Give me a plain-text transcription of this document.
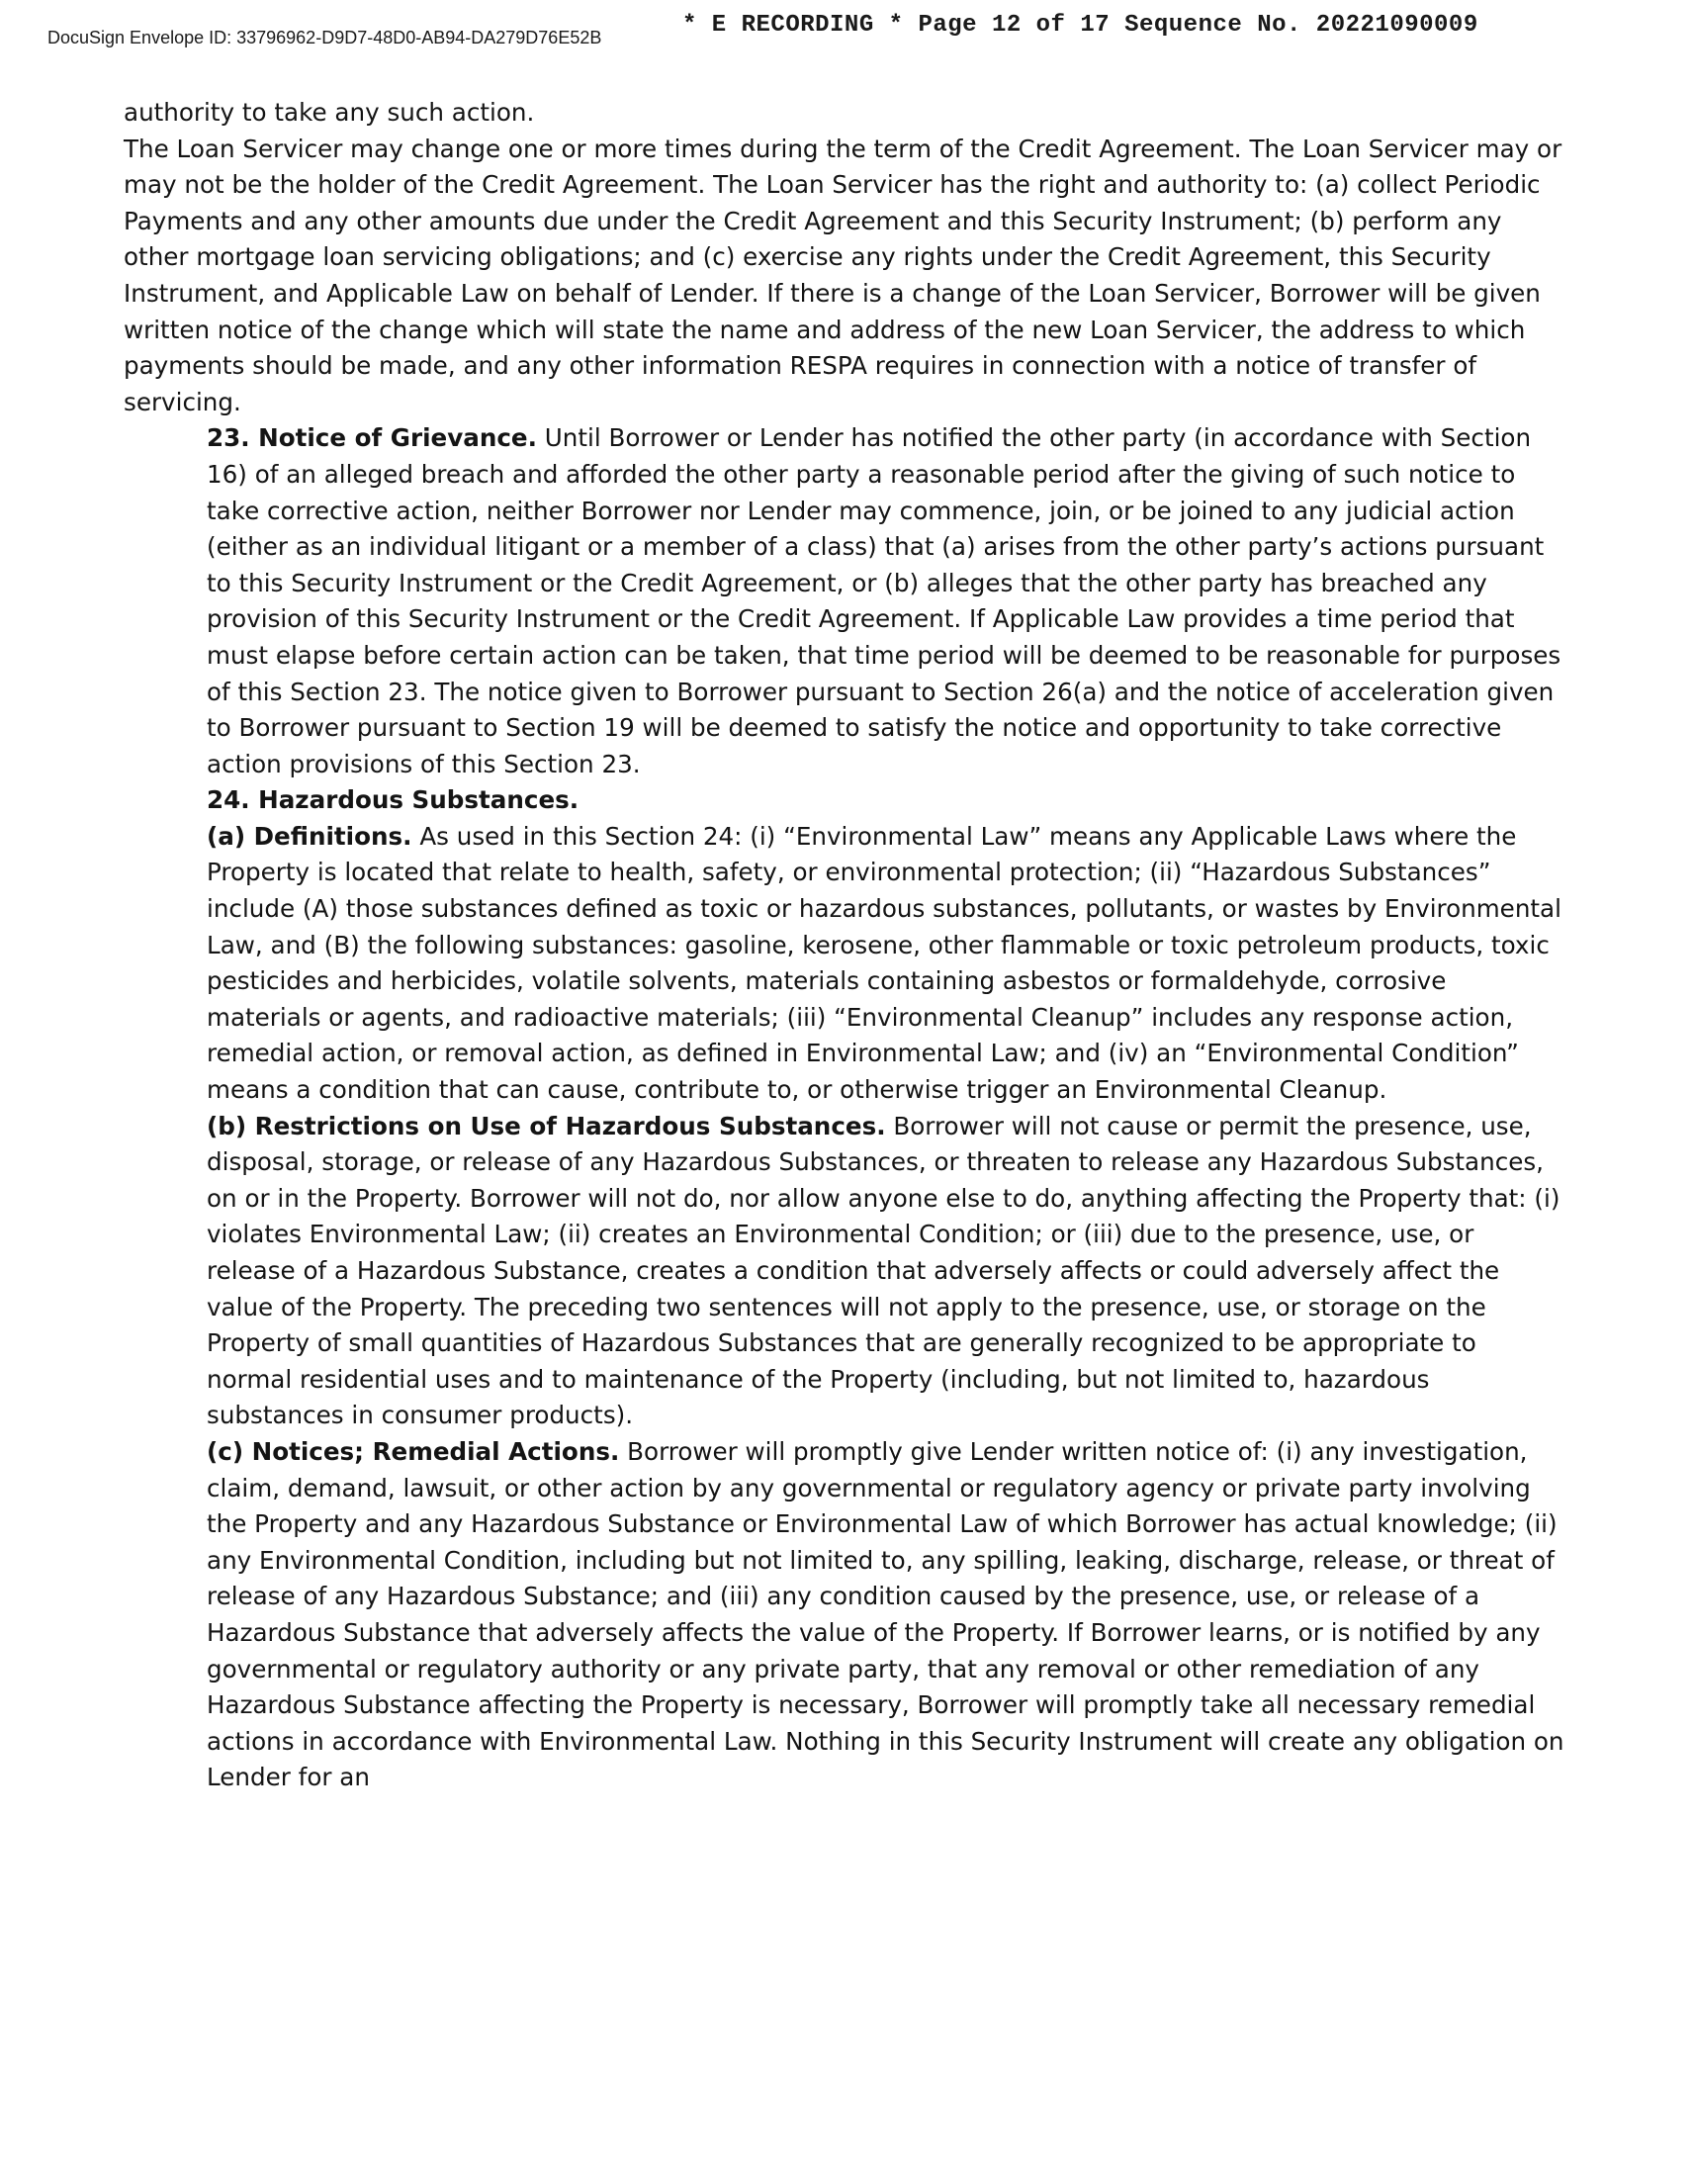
DocuSign Envelope ID: 33796962-D9D7-48D0-AB94-DA279D76E52B	* E RECORDING * Page 12 of 17 Sequence No. 20221090009

authority to take any such action.

The Loan Servicer may change one or more times during the term of the Credit Agreement. The Loan Servicer may or may not be the holder of the Credit Agreement. The Loan Servicer has the right and authority to: (a) collect Periodic Payments and any other amounts due under the Credit Agreement and this Security Instrument; (b) perform any other mortgage loan servicing obligations; and (c) exercise any rights under the Credit Agreement, this Security Instrument, and Applicable Law on behalf of Lender. If there is a change of the Loan Servicer, Borrower will be given written notice of the change which will state the name and address of the new Loan Servicer, the address to which payments should be made, and any other information RESPA requires in connection with a notice of transfer of servicing.

23. Notice of Grievance. Until Borrower or Lender has notified the other party (in accordance with Section 16) of an alleged breach and afforded the other party a reasonable period after the giving of such notice to take corrective action, neither Borrower nor Lender may commence, join, or be joined to any judicial action (either as an individual litigant or a member of a class) that (a) arises from the other party’s actions pursuant to this Security Instrument or the Credit Agreement, or (b) alleges that the other party has breached any provision of this Security Instrument or the Credit Agreement. If Applicable Law provides a time period that must elapse before certain action can be taken, that time period will be deemed to be reasonable for purposes of this Section 23. The notice given to Borrower pursuant to Section 26(a) and the notice of acceleration given to Borrower pursuant to Section 19 will be deemed to satisfy the notice and opportunity to take corrective action provisions of this Section 23.

24. Hazardous Substances.

(a) Definitions. As used in this Section 24: (i) “Environmental Law” means any Applicable Laws where the Property is located that relate to health, safety, or environmental protection; (ii) “Hazardous Substances” include (A) those substances defined as toxic or hazardous substances, pollutants, or wastes by Environmental Law, and (B) the following substances: gasoline, kerosene, other flammable or toxic petroleum products, toxic pesticides and herbicides, volatile solvents, materials containing asbestos or formaldehyde, corrosive materials or agents, and radioactive materials; (iii) “Environmental Cleanup” includes any response action, remedial action, or removal action, as defined in Environmental Law; and (iv) an “Environmental Condition” means a condition that can cause, contribute to, or otherwise trigger an Environmental Cleanup.

(b) Restrictions on Use of Hazardous Substances. Borrower will not cause or permit the presence, use, disposal, storage, or release of any Hazardous Substances, or threaten to release any Hazardous Substances, on or in the Property. Borrower will not do, nor allow anyone else to do, anything affecting the Property that: (i) violates Environmental Law; (ii) creates an Environmental Condition; or (iii) due to the presence, use, or release of a Hazardous Substance, creates a condition that adversely affects or could adversely affect the value of the Property. The preceding two sentences will not apply to the presence, use, or storage on the Property of small quantities of Hazardous Substances that are generally recognized to be appropriate to normal residential uses and to maintenance of the Property (including, but not limited to, hazardous substances in consumer products).

(c) Notices; Remedial Actions. Borrower will promptly give Lender written notice of: (i) any investigation, claim, demand, lawsuit, or other action by any governmental or regulatory agency or private party involving the Property and any Hazardous Substance or Environmental Law of which Borrower has actual knowledge; (ii) any Environmental Condition, including but not limited to, any spilling, leaking, discharge, release, or threat of release of any Hazardous Substance; and (iii) any condition caused by the presence, use, or release of a Hazardous Substance that adversely affects the value of the Property. If Borrower learns, or is notified by any governmental or regulatory authority or any private party, that any removal or other remediation of any Hazardous Substance affecting the Property is necessary, Borrower will promptly take all necessary remedial actions in accordance with Environmental Law. Nothing in this Security Instrument will create any obligation on Lender for an
